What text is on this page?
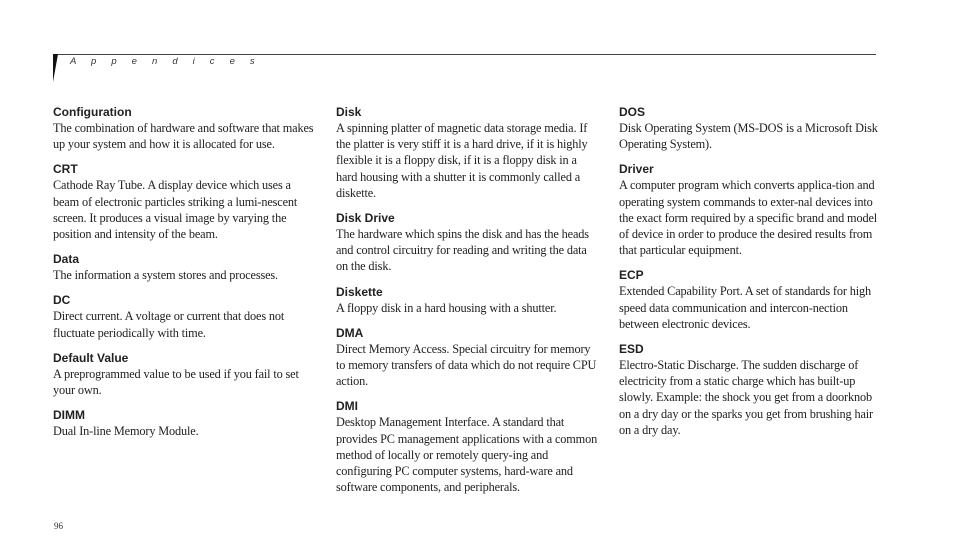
A p p e n d i c e s

Configuration

The combination of hardware and software that makes up your system and how it is allocated for use.

CRT

Cathode Ray Tube. A display device which uses a beam of electronic particles striking a lumi-nescent screen. It produces a visual image by varying the position and intensity of the beam.

Data

The information a system stores and processes.

DC

Direct current. A voltage or current that does not fluctuate periodically with time.

Default Value

A preprogrammed value to be used if you fail to set your own.

DIMM

Dual In-line Memory Module.

Disk

A spinning platter of magnetic data storage media. If the platter is very stiff it is a hard drive, if it is highly flexible it is a floppy disk, if it is a floppy disk in a hard housing with a shutter it is commonly called a diskette.

Disk Drive

The hardware which spins the disk and has the heads and control circuitry for reading and writing the data on the disk.

Diskette

A floppy disk in a hard housing with a shutter.

DMA

Direct Memory Access. Special circuitry for memory to memory transfers of data which do not require CPU action.

DMI

Desktop Management Interface. A standard that provides PC management applications with a common method of locally or remotely query-ing and configuring PC computer systems, hard-ware and software components, and peripherals.

DOS

Disk Operating System (MS-DOS is a Microsoft Disk Operating System).

Driver

A computer program which converts applica-tion and operating system commands to exter-nal devices into the exact form required by a specific brand and model of device in order to produce the desired results from that particular equipment.

ECP

Extended Capability Port. A set of standards for high speed data communication and intercon-nection between electronic devices.

ESD

Electro-Static Discharge. The sudden discharge of electricity from a static charge which has built-up slowly. Example: the shock you get from a doorknob on a dry day or the sparks you get from brushing hair on a dry day.

96
